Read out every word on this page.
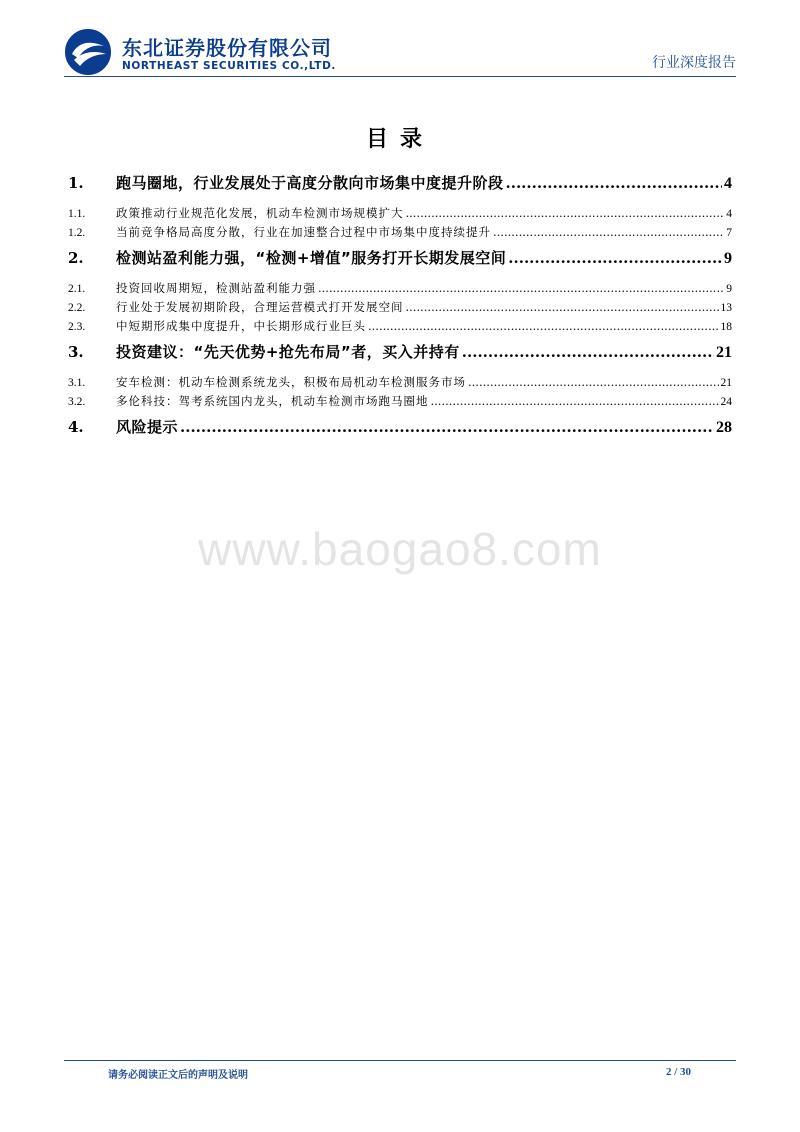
东北证券股份有限公司
NORTHEAST SECURITIES CO.,LTD.	行业深度报告
目录
1.	跑马圈地，行业发展处于高度分散向市场集中度提升阶段 .....	4
1.1.	政策推动行业规范化发展，机动车检测市场规模扩大 .....	4
1.2.	当前竞争格局高度分散，行业在加速整合过程中市场集中度持续提升 .....	7
2.	检测站盈利能力强，“检测+增值”服务打开长期发展空间 .....	9
2.1.	投资回收周期短，检测站盈利能力强 .....	9
2.2.	行业处于发展初期阶段，合理运营模式打开发展空间 .....	13
2.3.	中短期形成集中度提升，中长期形成行业巨头 .....	18
3.	投资建议：“先天优势+抢先布局”者，买入并持有 .....	21
3.1.	安车检测：机动车检测系统龙头，积极布局机动车检测服务市场 .....	21
3.2.	多伦科技：驾考系统国内龙头，机动车检测市场跑马圈地 .....	24
4.	风险提示 .....	28
www.baogao8.com
请务必阅读正文后的声明及说明	2 / 30
